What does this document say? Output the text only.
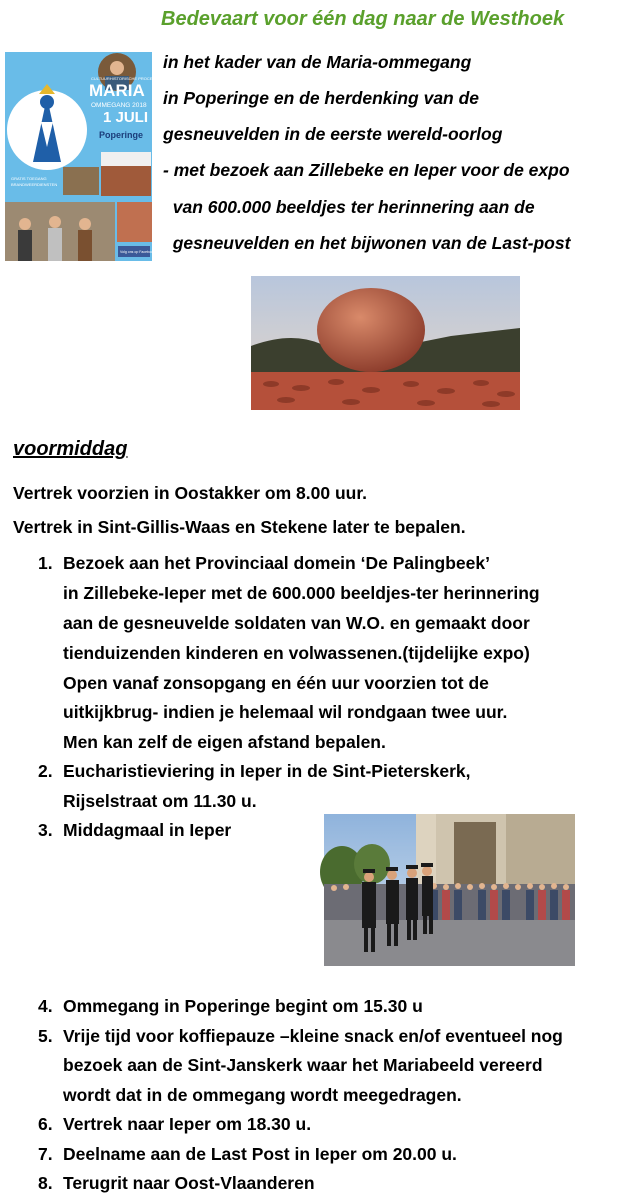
Bedevaart voor één dag naar de Westhoek
CULTUURHISTORISCHE PROCESSIE
MARIA
OMMEGANG 2018
1 JULI
Poperinge
GRATIS TOEGANG
BRANDWEERDIENSTEN
Volg ons op Facebook
in het kader van de Maria-ommegang
in Poperinge en de herdenking van de
gesneuvelden in de eerste wereld-oorlog
- met bezoek aan Zillebeke en Ieper voor de expo
van 600.000 beeldjes ter herinnering aan de
gesneuvelden en het bijwonen van de Last-post
voormiddag
Vertrek voorzien in Oostakker om 8.00 uur.
Vertrek in Sint-Gillis-Waas en Stekene later te bepalen.
1. Bezoek aan het Provinciaal domein ‘De Palingbeek’
in Zillebeke-Ieper met de 600.000 beeldjes-ter herinnering
aan de gesneuvelde soldaten van W.O. en gemaakt door
tienduizenden kinderen en volwassenen.(tijdelijke expo)
Open vanaf zonsopgang en één uur voorzien tot de
uitkijkbrug- indien je helemaal wil rondgaan twee uur.
Men kan zelf de eigen afstand bepalen.
2. Eucharistieviering in Ieper in de Sint-Pieterskerk,
Rijselstraat om 11.30 u.
3. Middagmaal in Ieper
4. Ommegang in Poperinge begint om 15.30 u
5. Vrije tijd voor koffiepauze –kleine snack en/of eventueel nog
bezoek aan de Sint-Janskerk waar het Mariabeeld vereerd
wordt dat in de ommegang wordt meegedragen.
6. Vertrek naar Ieper om 18.30 u.
7. Deelname aan de Last Post in Ieper om 20.00 u.
8. Terugrit naar Oost-Vlaanderen
